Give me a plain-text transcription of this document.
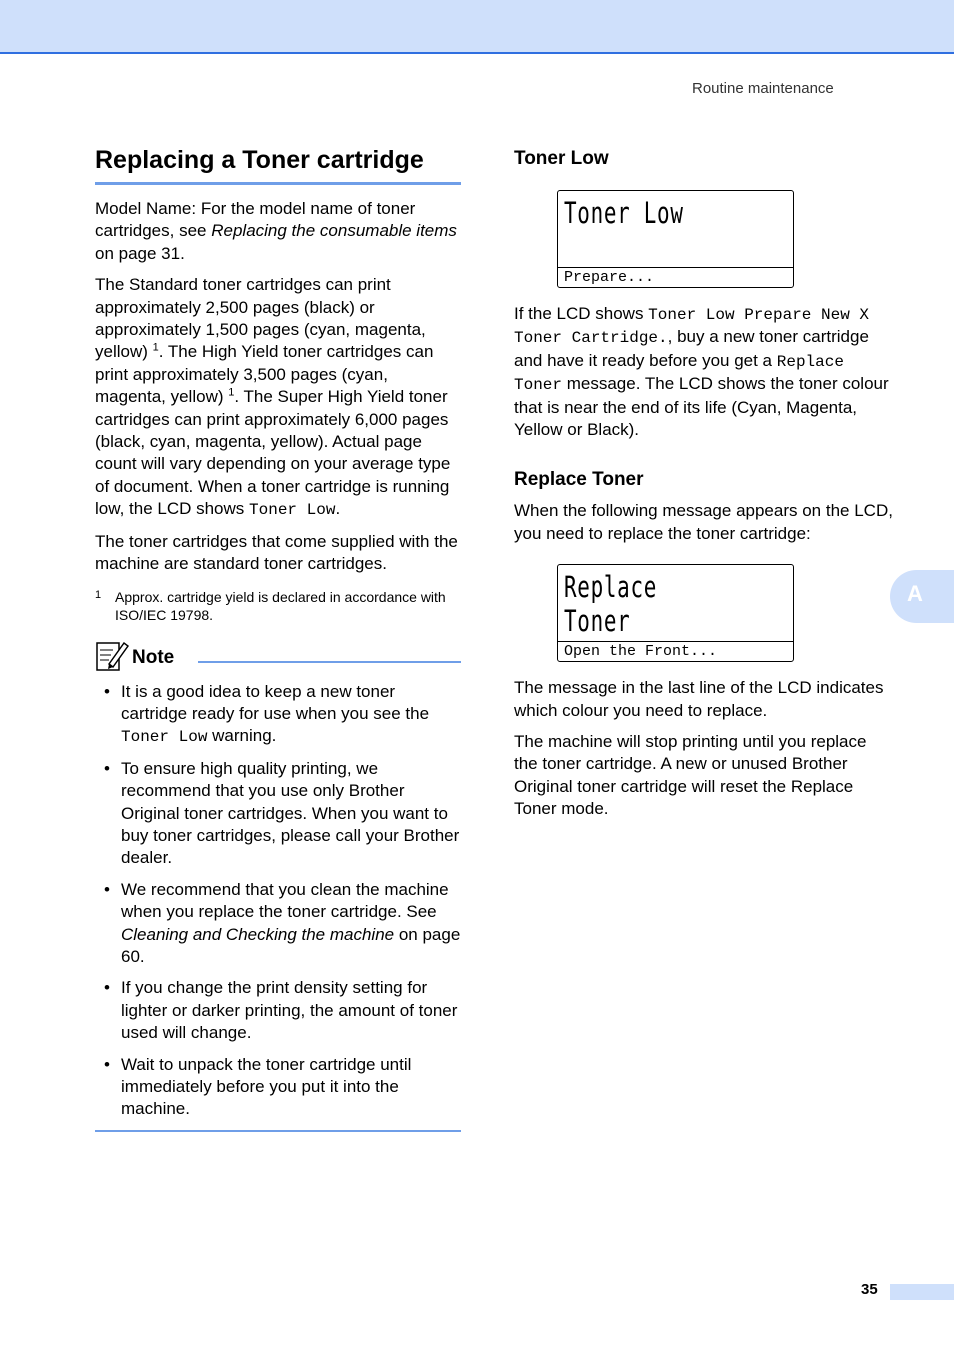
Routine maintenance
Replacing a Toner cartridge

Model Name: For the model name of toner cartridges, see Replacing the consumable items on page 31.

The Standard toner cartridges can print approximately 2,500 pages (black) or approximately 1,500 pages (cyan, magenta, yellow) $^1$. The High Yield toner cartridges can print approximately 3,500 pages (cyan, magenta, yellow) $^1$. The Super High Yield toner cartridges can print approximately 6,000 pages (black, cyan, magenta, yellow). Actual page count will vary depending on your average type of document. When a toner cartridge is running low, the LCD shows Toner Low.

The toner cartridges that come supplied with the machine are standard toner cartridges.

1 Approx. cartridge yield is declared in accordance with ISO/IEC 19798.
Note
• It is a good idea to keep a new toner cartridge ready for use when you see the Toner Low warning.

• To ensure high quality printing, we recommend that you use only Brother Original toner cartridges. When you want to buy toner cartridges, please call your Brother dealer.

• We recommend that you clean the machine when you replace the toner cartridge. See Cleaning and Checking the machine on page 60.

• If you change the print density setting for lighter or darker printing, the amount of toner used will change.

• Wait to unpack the toner cartridge until immediately before you put it into the machine.

Toner Low
Toner Low
Prepare...

If the LCD shows Toner Low Prepare New X Toner Cartridge., buy a new toner cartridge and have it ready before you get a Replace Toner message. The LCD shows the toner colour that is near the end of its life (Cyan, Magenta, Yellow or Black).

Replace Toner

When the following message appears on the LCD, you need to replace the toner cartridge:

Replace Toner
Open the Front...

The message in the last line of the LCD indicates which colour you need to replace.

The machine will stop printing until you replace the toner cartridge. A new or unused Brother Original toner cartridge will reset the Replace Toner mode.

A
35
